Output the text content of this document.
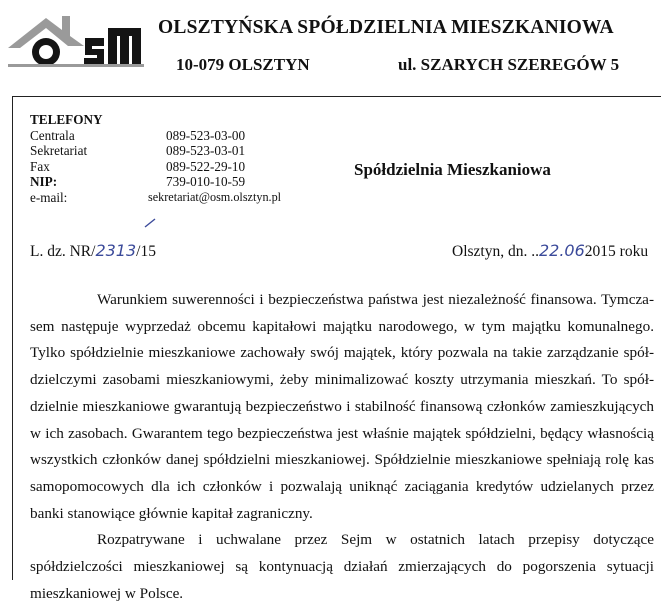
OLSZTYŃSKA SPÓŁDZIELNIA MIESZKANIOWA
10-079 OLSZTYN	ul. SZARYCH SZEREGÓW 5
TELEFONY
Centrala	089-523-03-00
Sekretariat	089-523-03-01
Fax	089-522-29-10
NIP:	739-010-10-59
e-mail:	sekretariat@osm.olsztyn.pl
Spółdzielnia Mieszkaniowa
L. dz. NR/2313/15	Olsztyn, dn. ..22.062015 roku

Warunkiem suwerenności i bezpieczeństwa państwa jest niezależność finansowa. Tymczasem następuje wyprzedaż obcemu kapitałowi majątku narodowego, w tym majątku komunalnego. Tylko spółdzielnie mieszkaniowe zachowały swój majątek, który pozwala na takie zarządzanie spółdzielczymi zasobami mieszkaniowymi, żeby minimalizować koszty utrzymania mieszkań. To spółdzielnie mieszkaniowe gwarantują bezpieczeństwo i stabilność finansową członków zamieszkujących w ich zasobach. Gwarantem tego bezpieczeństwa jest właśnie majątek spółdzielni, będący własnością wszystkich członków danej spółdzielni mieszkaniowej. Spółdzielnie mieszkaniowe spełniają rolę kas samopomocowych dla ich członków i pozwalają uniknąć zaciągania kredytów udzielanych przez banki stanowiące głównie kapitał zagraniczny.

Rozpatrywane i uchwalane przez Sejm w ostatnich latach przepisy dotyczące spółdzielczości mieszkaniowej są kontynuacją działań zmierzających do pogorszenia sytuacji mieszkaniowej w Polsce.
